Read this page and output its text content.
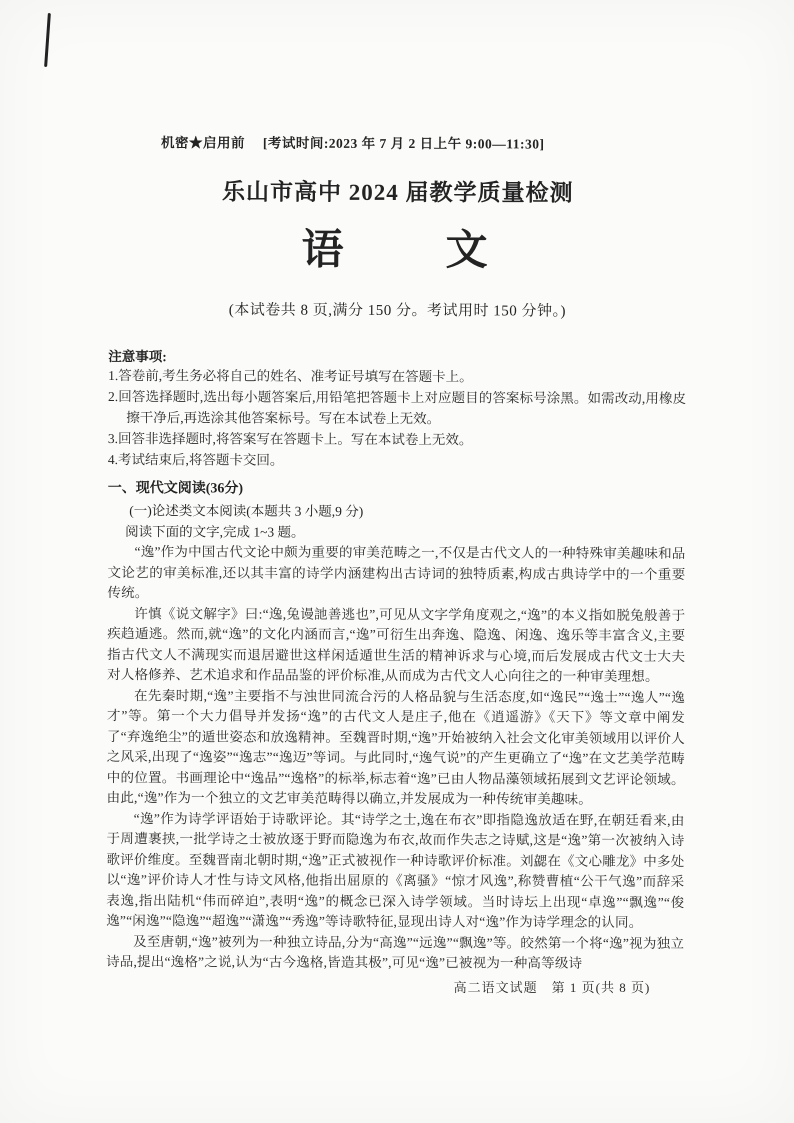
机密★启用前 [考试时间:2023 年 7 月 2 日上午 9:00—11:30]
乐山市高中 2024 届教学质量检测
语　　文
(本试卷共 8 页,满分 150 分。考试用时 150 分钟。)
注意事项:
1.答卷前,考生务必将自己的姓名、准考证号填写在答题卡上。
2.回答选择题时,选出每小题答案后,用铅笔把答题卡上对应题目的答案标号涂黑。如需改动,用橡皮擦干净后,再选涂其他答案标号。写在本试卷上无效。
3.回答非选择题时,将答案写在答题卡上。写在本试卷上无效。
4.考试结束后,将答题卡交回。
一、现代文阅读(36分)
(一)论述类文本阅读(本题共 3 小题,9 分)
阅读下面的文字,完成 1~3 题。
“逸”作为中国古代文论中颇为重要的审美范畴之一,不仅是古代文人的一种特殊审美趣味和品文论艺的审美标准,还以其丰富的诗学内涵建构出古诗词的独特质素,构成古典诗学中的一个重要传统。
许慎《说文解字》曰:“逸,兔谩訑善逃也”,可见从文字学角度观之,“逸”的本义指如脱兔般善于疾趋遁逃。然而,就“逸”的文化内涵而言,“逸”可衍生出奔逸、隐逸、闲逸、逸乐等丰富含义,主要指古代文人不满现实而退居避世这样闲适遁世生活的精神诉求与心境,而后发展成古代文士大夫对人格修养、艺术追求和作品品鉴的评价标准,从而成为古代文人心向往之的一种审美理想。
在先秦时期,“逸”主要指不与浊世同流合污的人格品貌与生活态度,如“逸民”“逸士”“逸人”“逸才”等。第一个大力倡导并发扬“逸”的古代文人是庄子,他在《逍遥游》《天下》等文章中阐发了“弃逸绝尘”的遁世姿态和放逸精神。至魏晋时期,“逸”开始被纳入社会文化审美领域用以评价人之风采,出现了“逸姿”“逸志”“逸迈”等词。与此同时,“逸气说”的产生更确立了“逸”在文艺美学范畴中的位置。书画理论中“逸品”“逸格”的标举,标志着“逸”已由人物品藻领域拓展到文艺评论领域。由此,“逸”作为一个独立的文艺审美范畴得以确立,并发展成为一种传统审美趣味。
“逸”作为诗学评语始于诗歌评论。其“诗学之士,逸在布衣”即指隐逸放适在野,在朝廷看来,由于周遭裹挟,一批学诗之士被放逐于野而隐逸为布衣,故而作失志之诗赋,这是“逸”第一次被纳入诗歌评价维度。至魏晋南北朝时期,“逸”正式被视作一种诗歌评价标准。刘勰在《文心雕龙》中多处以“逸”评价诗人才性与诗文风格,他指出屈原的《离骚》“惊才风逸”,称赞曹植“公干气逸”而辞采表逸,指出陆机“伟而碎迫”,表明“逸”的概念已深入诗学领域。当时诗坛上出现“卓逸”“飘逸”“俊逸”“闲逸”“隐逸”“超逸”“潇逸”“秀逸”等诗歌特征,显现出诗人对“逸”作为诗学理念的认同。
及至唐朝,“逸”被列为一种独立诗品,分为“高逸”“远逸”“飘逸”等。皎然第一个将“逸”视为独立诗品,提出“逸格”之说,认为“古今逸格,皆造其极”,可见“逸”已被视为一种高等级诗
高二语文试题　第 1 页(共 8 页)
